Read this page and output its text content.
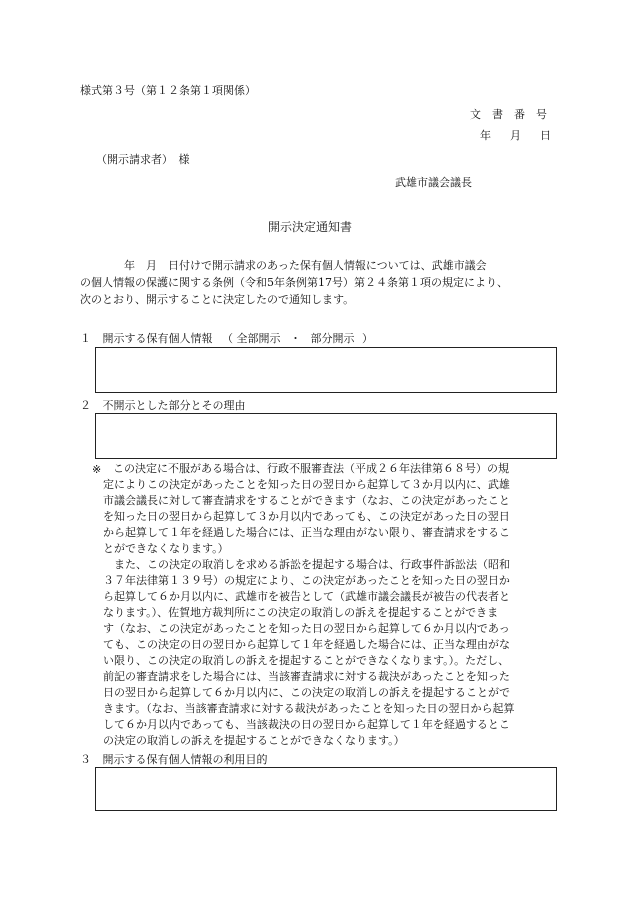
様式第３号（第１２条第１項関係）
文書番号
年　月　日
（開示請求者）　様
武雄市議会議長
開示決定通知書
年　月　日付けで開示請求のあった保有個人情報については、武雄市議会
の個人情報の保護に関する条例（令和5年条例第17号）第２４条第１項の規定により、
次のとおり、開示することに決定したので通知します。
１ 開示する保有個人情報 （ 全部開示 ・ 部分開示 ）
２ 不開示とした部分とその理由
※	この決定に不服がある場合は、行政不服審査法（平成２６年法律第６８号）の規
定によりこの決定があったことを知った日の翌日から起算して３か月以内に、武雄
市議会議長に対して審査請求をすることができます（なお、この決定があったこと
を知った日の翌日から起算して３か月以内であっても、この決定があった日の翌日
から起算して１年を経過した場合には、正当な理由がない限り、審査請求をするこ
とができなくなります。）
　また、この決定の取消しを求める訴訟を提起する場合は、行政事件訴訟法（昭和
３７年法律第１３９号）の規定により、この決定があったことを知った日の翌日か
ら起算して６か月以内に、武雄市を被告として（武雄市議会議長が被告の代表者と
なります。）、佐賀地方裁判所にこの決定の取消しの訴えを提起することができま
す（なお、この決定があったことを知った日の翌日から起算して６か月以内であっ
ても、この決定の日の翌日から起算して１年を経過した場合には、正当な理由がな
い限り、この決定の取消しの訴えを提起することができなくなります。）。ただし、
前記の審査請求をした場合には、当該審査請求に対する裁決があったことを知った
日の翌日から起算して６か月以内に、この決定の取消しの訴えを提起することがで
きます。（なお、当該審査請求に対する裁決があったことを知った日の翌日から起算
して６か月以内であっても、当該裁決の日の翌日から起算して１年を経過するとこ
の決定の取消しの訴えを提起することができなくなります。）
３ 開示する保有個人情報の利用目的
